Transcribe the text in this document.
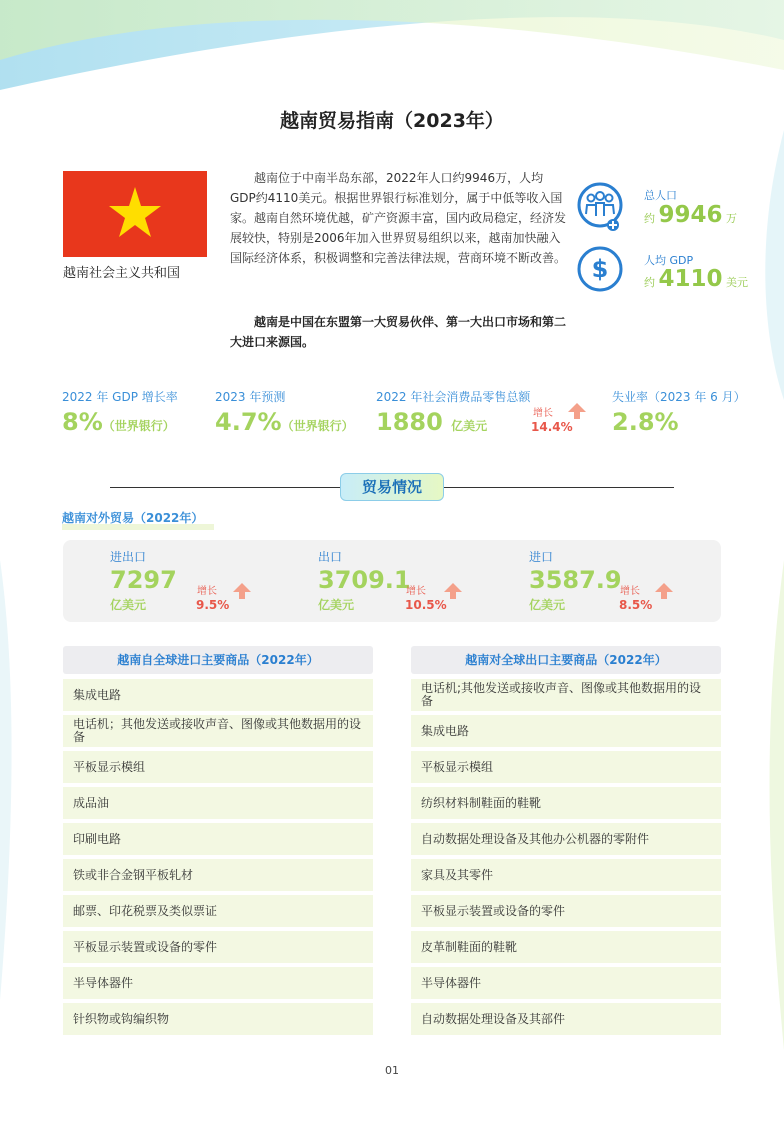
越南贸易指南（2023年）
越南社会主义共和国

越南位于中南半岛东部，2022年人口约9946万，人均GDP约4110美元。根据世界银行标准划分，属于中低等收入国家。越南自然环境优越，矿产资源丰富，国内政局稳定，经济发展较快，特别是2006年加入世界贸易组织以来，越南加快融入国际经济体系，积极调整和完善法律法规，营商环境不断改善。

越南是中国在东盟第一大贸易伙伴、第一大出口市场和第二大进口来源国。

总人口
约 9946 万
$	人均 GDP
约 4110 美元
2022 年 GDP 增长率
8%（世界银行）
2023 年预测
4.7%（世界银行）
2022 年社会消费品零售总额
1880 亿美元
增长
14.4%
失业率（2023 年 6 月）
2.8%
贸易情况
越南对外贸易（2022年）
进出口
7297
亿美元
增长
9.5%
出口
3709.1
亿美元
增长
10.5%
进口
3587.9
亿美元
增长
8.5%
越南自全球进口主要商品（2022年）	越南对全球出口主要商品（2022年）
集成电路
电话机；其他发送或接收声音、图像或其他数据用的设备
平板显示模组
成品油
印刷电路
铁或非合金钢平板轧材
邮票、印花税票及类似票证
平板显示装置或设备的零件
半导体器件
针织物或钩编织物
电话机;其他发送或接收声音、图像或其他数据用的设备
集成电路
平板显示模组
纺织材料制鞋面的鞋靴
自动数据处理设备及其他办公机器的零附件
家具及其零件
平板显示装置或设备的零件
皮革制鞋面的鞋靴
半导体器件
自动数据处理设备及其部件
01
